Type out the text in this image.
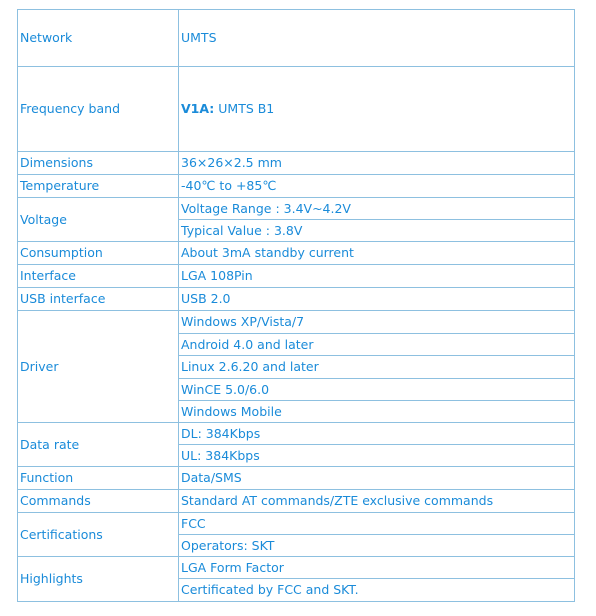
Network	UMTS
Frequency band	V1A: UMTS B1
Dimensions	36×26×2.5 mm
Temperature	-40℃ to +85℃
Voltage	Voltage Range : 3.4V~4.2V
	Typical Value : 3.8V
Consumption	About 3mA standby current
Interface	LGA 108Pin
USB interface	USB 2.0
Driver	Windows XP/Vista/7
	Android 4.0 and later
	Linux 2.6.20 and later
	WinCE 5.0/6.0
	Windows Mobile
Data rate	DL: 384Kbps
	UL: 384Kbps
Function	Data/SMS
Commands	Standard AT commands/ZTE exclusive commands
Certifications	FCC
	Operators: SKT
Highlights	LGA Form Factor
	Certificated by FCC and SKT.
